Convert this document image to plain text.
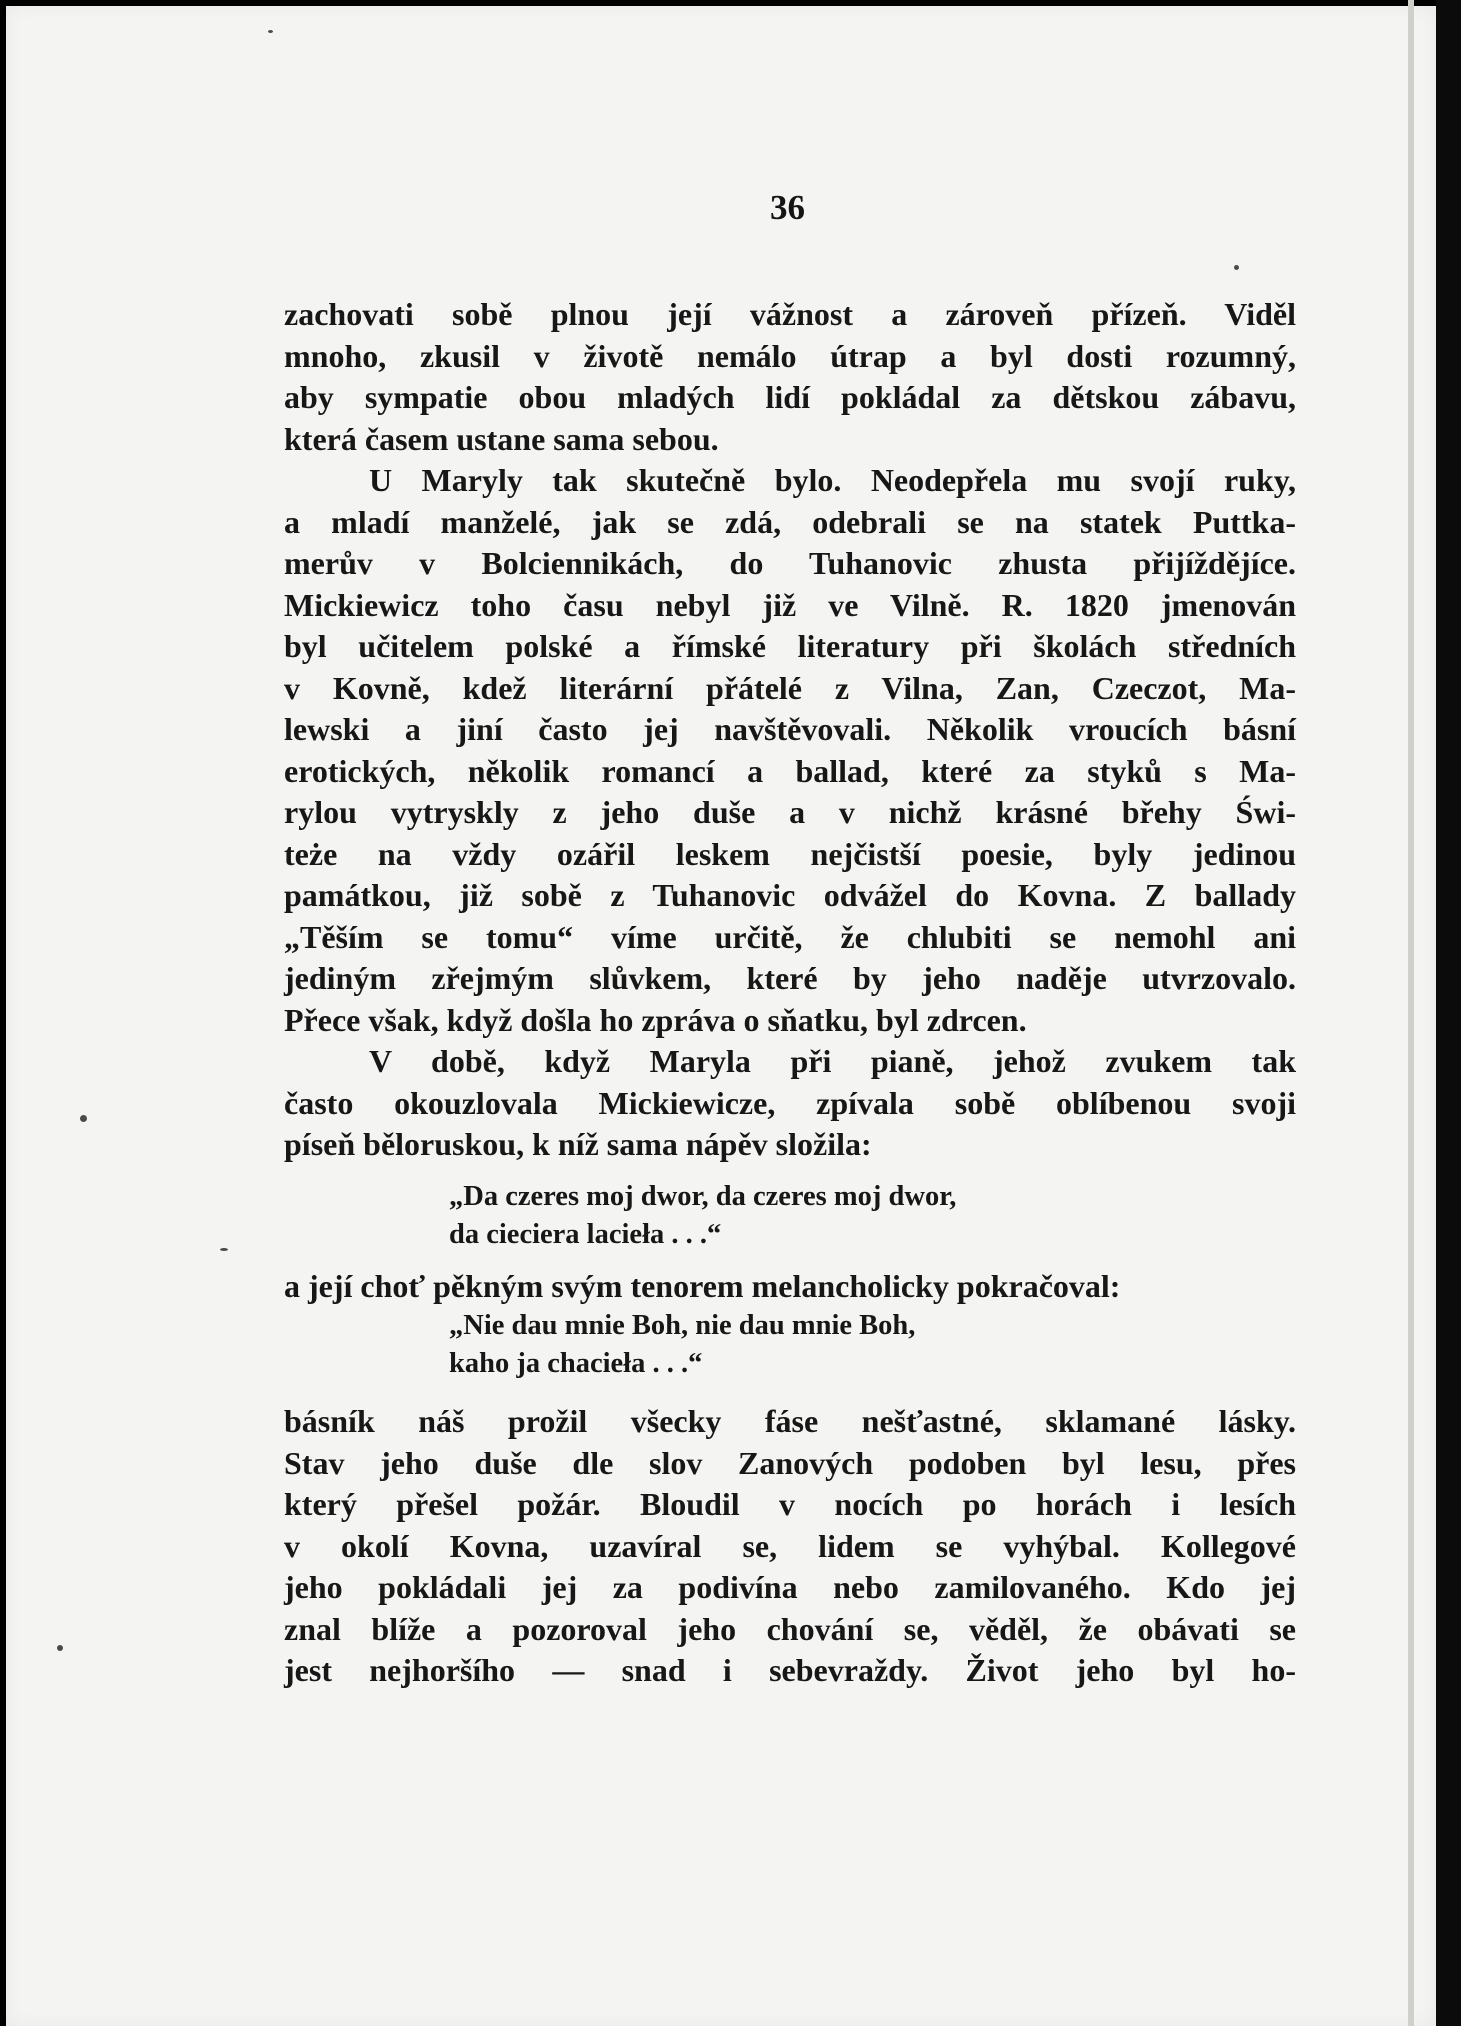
36
zachovati sobě plnou její vážnost a zároveň přízeň. Viděl
mnoho, zkusil v životě nemálo útrap a byl dosti rozumný,
aby sympatie obou mladých lidí pokládal za dětskou zábavu,
která časem ustane sama sebou.
U Maryly tak skutečně bylo. Neodepřela mu svojí ruky,
a mladí manželé, jak se zdá, odebrali se na statek Puttka-
merův v Bolciennikách, do Tuhanovic zhusta přijíždějíce.
Mickiewicz toho času nebyl již ve Vilně. R. 1820 jmenován
byl učitelem polské a římské literatury při školách středních
v Kovně, kdež literární přátelé z Vilna, Zan, Czeczot, Ma-
lewski a jiní často jej navštěvovali. Několik vroucích básní
erotických, několik romancí a ballad, které za styků s Ma-
rylou vytryskly z jeho duše a v nichž krásné břehy Świ-
teże na vždy ozářil leskem nejčistší poesie, byly jedinou
památkou, již sobě z Tuhanovic odvážel do Kovna. Z ballady
„Těším se tomu“ víme určitě, že chlubiti se nemohl ani
jediným zřejmým slůvkem, které by jeho naděje utvrzovalo.
Přece však, když došla ho zpráva o sňatku, byl zdrcen.
V době, když Maryla při pianě, jehož zvukem tak
často okouzlovala Mickiewicze, zpívala sobě oblíbenou svoji
píseň běloruskou, k níž sama nápěv složila:
„Da czeres moj dwor, da czeres moj dwor,
da cieciera lacieła . . .“
a její choť pěkným svým tenorem melancholicky pokračoval:
„Nie dau mnie Boh, nie dau mnie Boh,
kaho ja chacieła . . .“
básník náš prožil všecky fáse nešťastné, sklamané lásky.
Stav jeho duše dle slov Zanových podoben byl lesu, přes
který přešel požár. Bloudil v nocích po horách i lesích
v okolí Kovna, uzavíral se, lidem se vyhýbal. Kollegové
jeho pokládali jej za podivína nebo zamilovaného. Kdo jej
znal blíže a pozoroval jeho chování se, věděl, že obávati se
jest nejhoršího — snad i sebevraždy. Život jeho byl ho-
